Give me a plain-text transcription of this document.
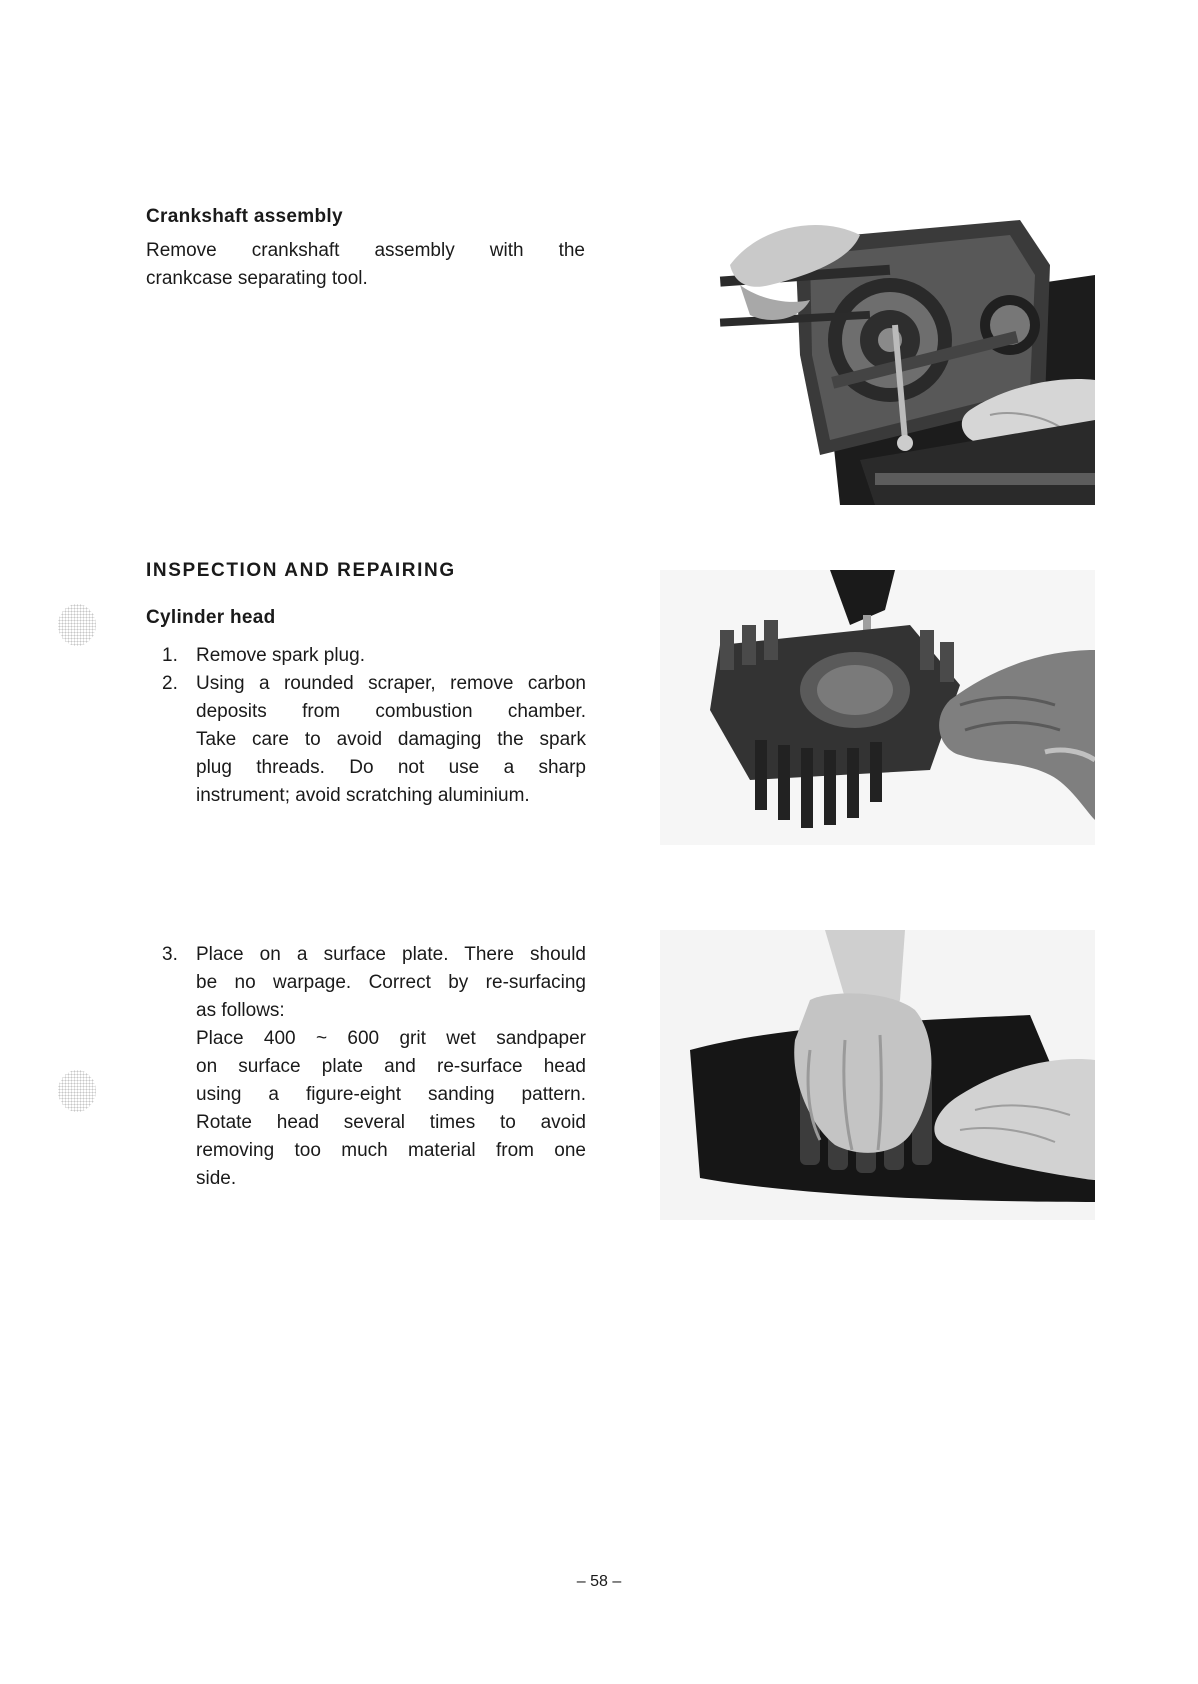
Crankshaft assembly
Remove crankshaft assembly with the
crankcase separating tool.
INSPECTION AND REPAIRING
Cylinder head
1. Remove spark plug.
2. Using a rounded scraper, remove carbon
deposits from combustion chamber.
Take care to avoid damaging the spark
plug threads. Do not use a sharp
instrument; avoid scratching aluminium.
3. Place on a surface plate. There should
be no warpage. Correct by re-surfacing
as follows:
Place 400 ~ 600 grit wet sandpaper
on surface plate and re-surface head
using a figure-eight sanding pattern.
Rotate head several times to avoid
removing too much material from one
side.
– 58 –
